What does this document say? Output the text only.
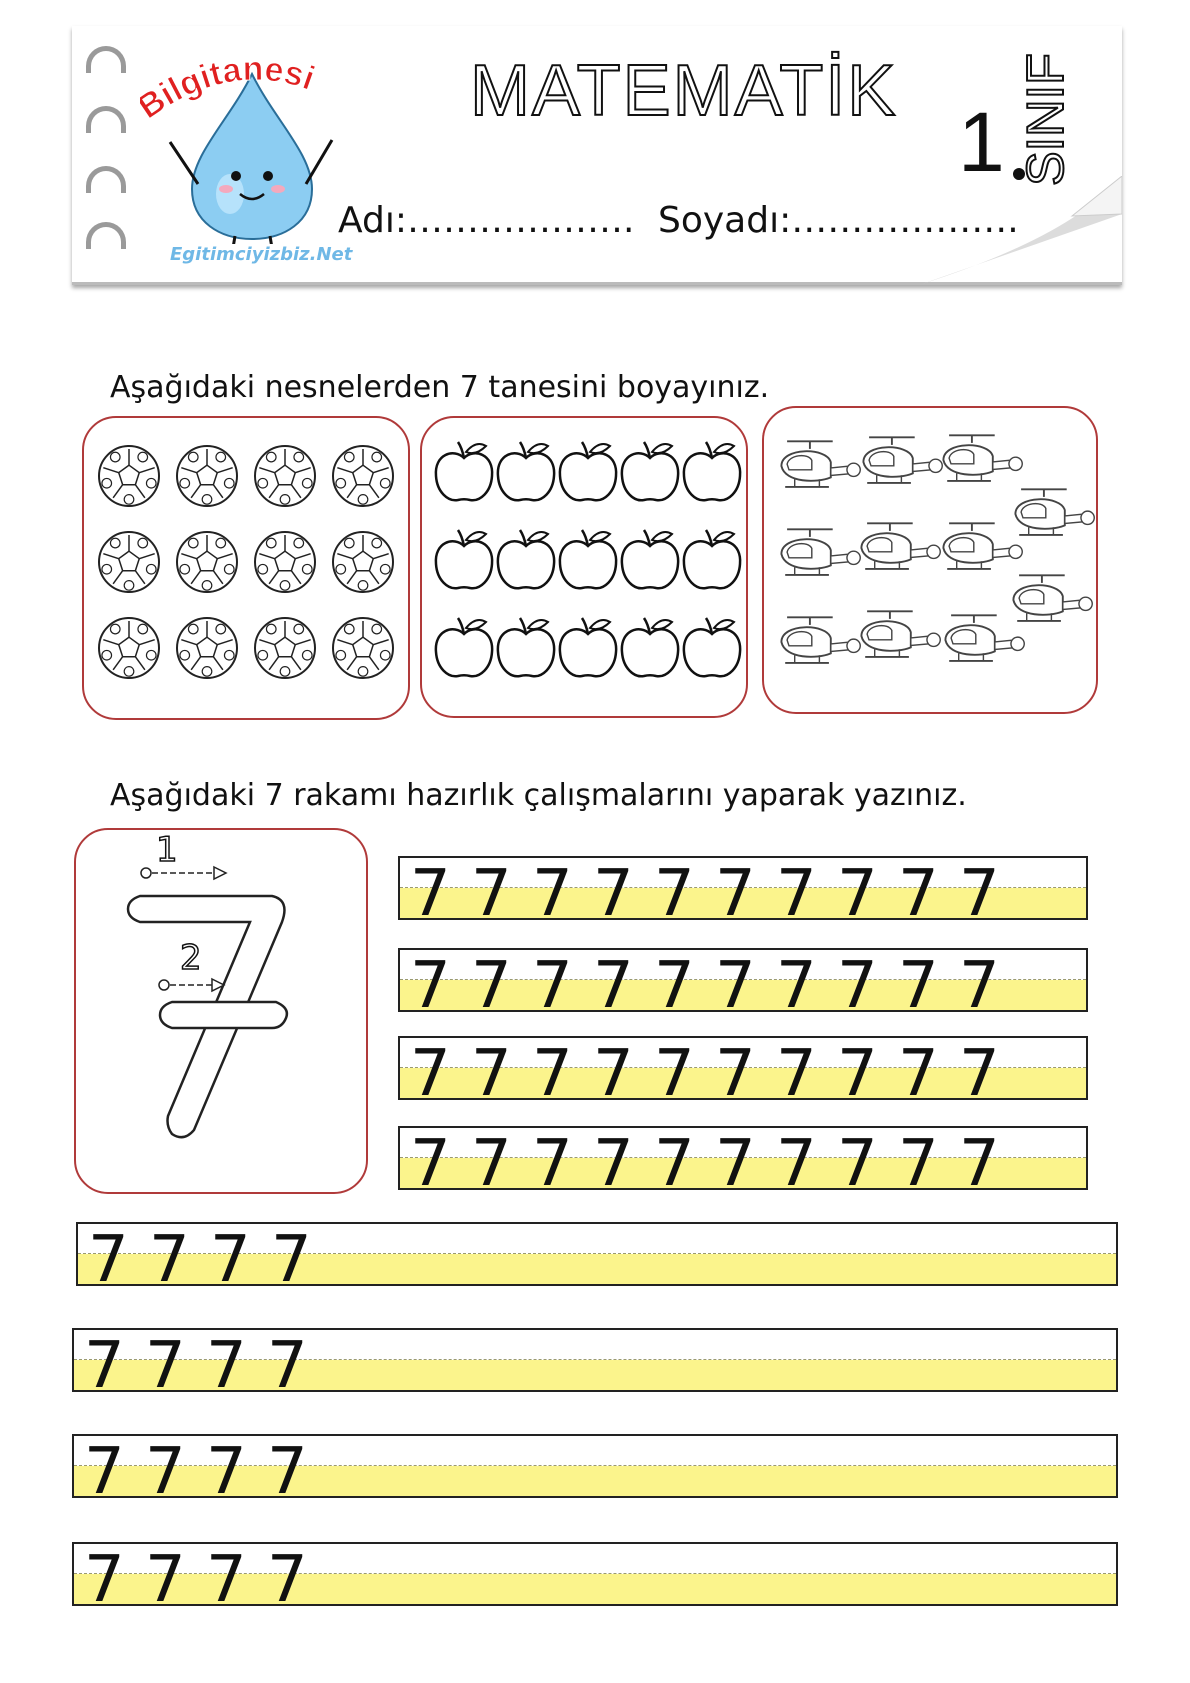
ilgitanesi
Egitimciyizbiz.Net
MATEMATİK
1 SINIF
Adı:………………. Soyadı:……………….
Aşağıdaki nesnelerden 7 tanesini boyayınız.
Aşağıdaki 7 rakamı hazırlık çalışmalarını yaparak yazınız.
1
2
7 7 7 7 7 7 7 7 7 7
7 7 7 7 7 7 7 7 7 7
7 7 7 7 7 7 7 7 7 7
7 7 7 7 7 7 7 7 7 7
7 7 7 7
7 7 7 7
7 7 7 7
7 7 7 7
